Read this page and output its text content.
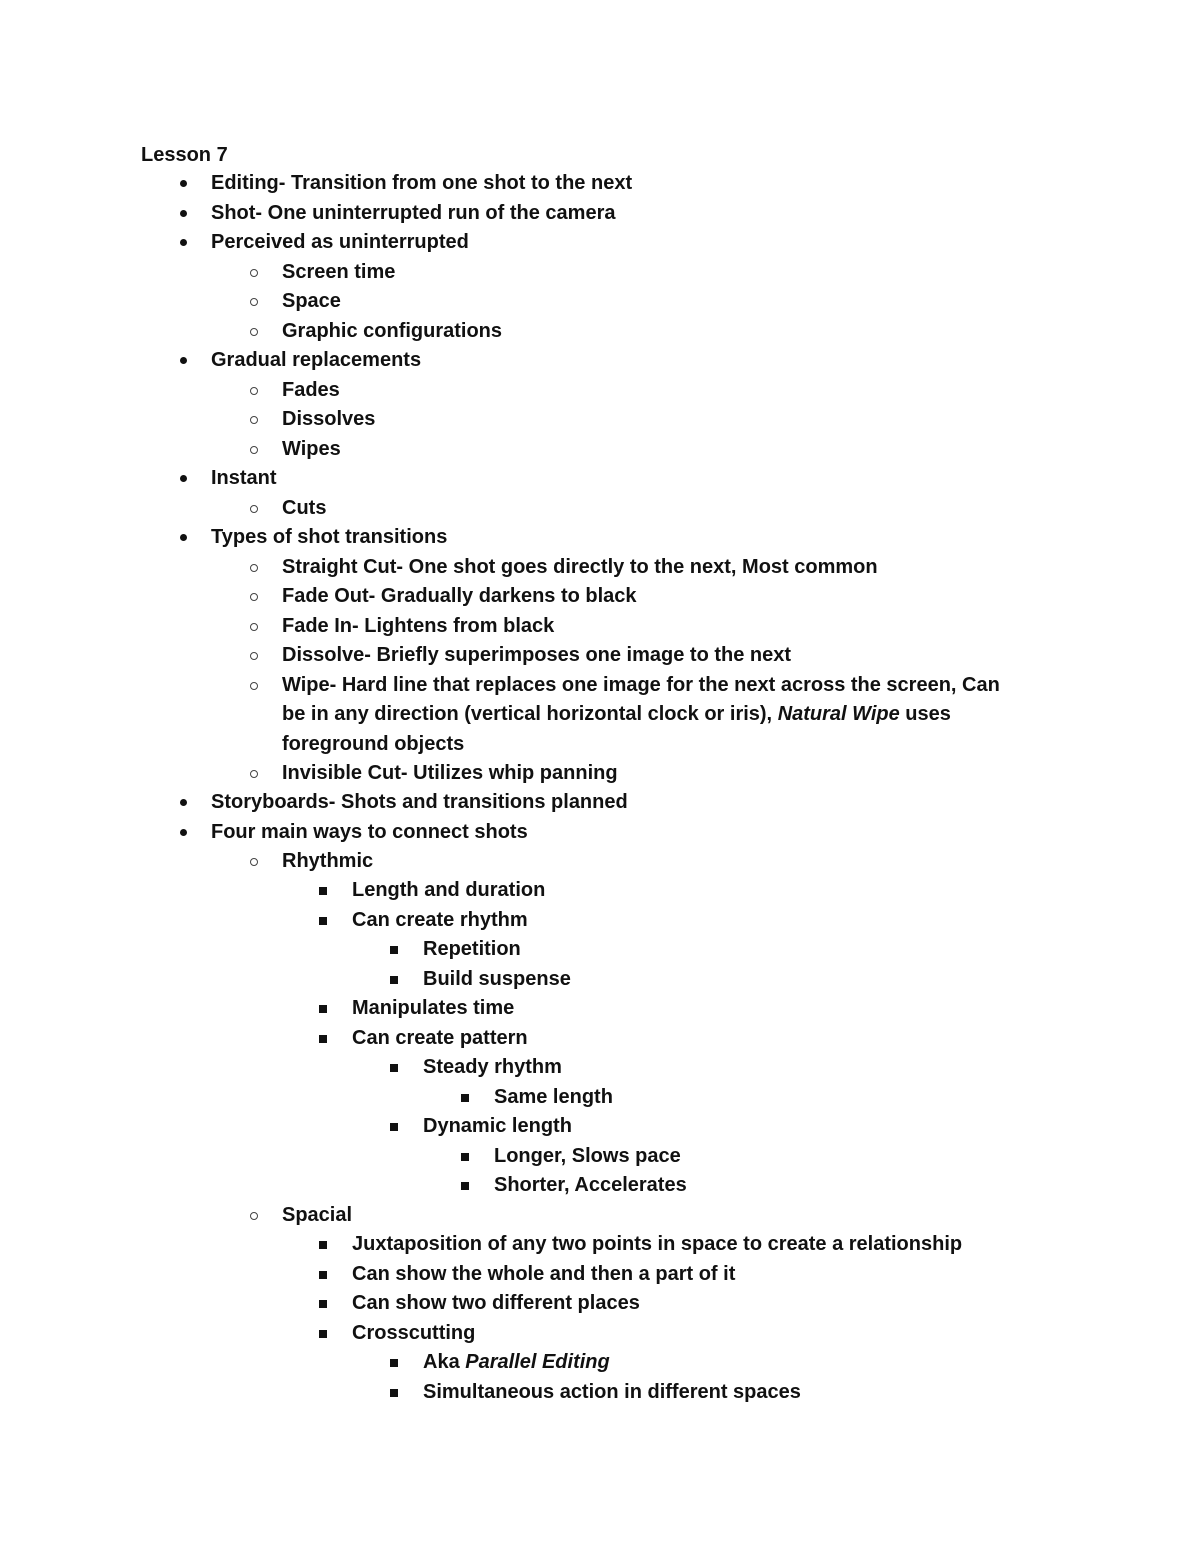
Lesson 7
Editing- Transition from one shot to the next
Shot- One uninterrupted run of the camera
Perceived as uninterrupted
Screen time
Space
Graphic configurations
Gradual replacements
Fades
Dissolves
Wipes
Instant
Cuts
Types of shot transitions
Straight Cut- One shot goes directly to the next, Most common
Fade Out- Gradually darkens to black
Fade In- Lightens from black
Dissolve- Briefly superimposes one image to the next
Wipe- Hard line that replaces one image for the next across the screen, Can
be in any direction (vertical horizontal clock or iris), Natural Wipe uses
foreground objects
Invisible Cut- Utilizes whip panning
Storyboards- Shots and transitions planned
Four main ways to connect shots
Rhythmic
Length and duration
Can create rhythm
Repetition
Build suspense
Manipulates time
Can create pattern
Steady rhythm
Same length
Dynamic length
Longer, Slows pace
Shorter, Accelerates
Spacial
Juxtaposition of any two points in space to create a relationship
Can show the whole and then a part of it
Can show two different places
Crosscutting
Aka Parallel Editing
Simultaneous action in different spaces
